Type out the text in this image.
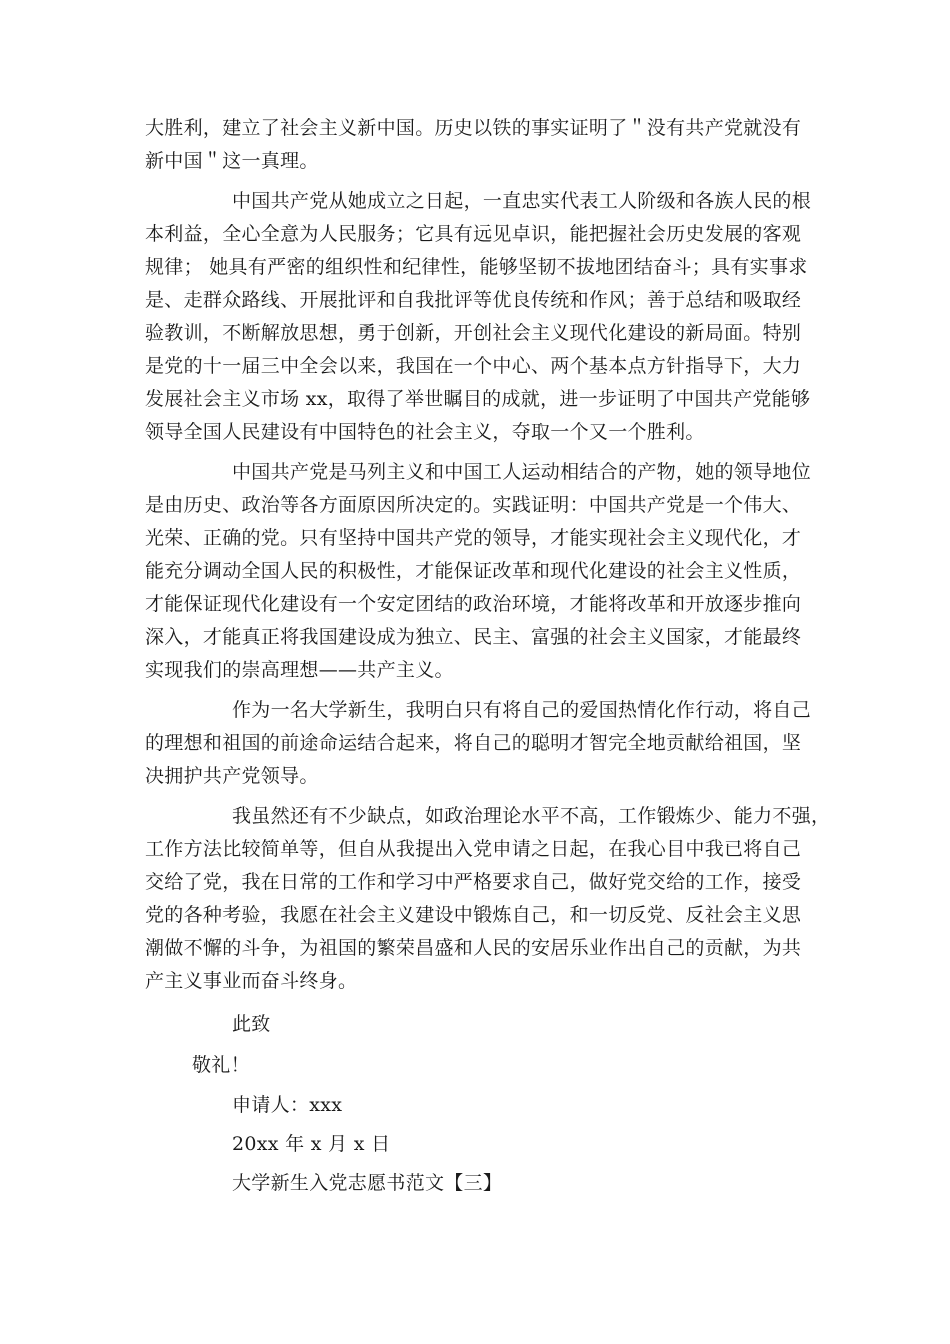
大胜利，建立了社会主义新中国。历史以铁的事实证明了＂没有共产党就没有
新中国＂这一真理。
中国共产党从她成立之日起，一直忠实代表工人阶级和各族人民的根
本利益，全心全意为人民服务；它具有远见卓识，能把握社会历史发展的客观
规律； 她具有严密的组织性和纪律性，能够坚韧不拔地团结奋斗；具有实事求
是、走群众路线、开展批评和自我批评等优良传统和作风；善于总结和吸取经
验教训，不断解放思想，勇于创新，开创社会主义现代化建设的新局面。特别
是党的十一届三中全会以来，我国在一个中心、两个基本点方针指导下，大力
发展社会主义市场 xx，取得了举世瞩目的成就，进一步证明了中国共产党能够
领导全国人民建设有中国特色的社会主义，夺取一个又一个胜利。
中国共产党是马列主义和中国工人运动相结合的产物，她的领导地位
是由历史、政治等各方面原因所决定的。实践证明：中国共产党是一个伟大、
光荣、正确的党。只有坚持中国共产党的领导，才能实现社会主义现代化，才
能充分调动全国人民的积极性，才能保证改革和现代化建设的社会主义性质，
才能保证现代化建设有一个安定团结的政治环境，才能将改革和开放逐步推向
深入，才能真正将我国建设成为独立、民主、富强的社会主义国家，才能最终
实现我们的崇高理想——共产主义。
作为一名大学新生，我明白只有将自己的爱国热情化作行动，将自己
的理想和祖国的前途命运结合起来，将自己的聪明才智完全地贡献给祖国，坚
决拥护共产党领导。
我虽然还有不少缺点，如政治理论水平不高，工作锻炼少、能力不强，
工作方法比较简单等，但自从我提出入党申请之日起，在我心目中我已将自己
交给了党，我在日常的工作和学习中严格要求自己，做好党交给的工作，接受
党的各种考验，我愿在社会主义建设中锻炼自己，和一切反党、反社会主义思
潮做不懈的斗争，为祖国的繁荣昌盛和人民的安居乐业作出自己的贡献，为共
产主义事业而奋斗终身。
此致
敬礼！
申请人：xxx
20xx 年 x 月 x 日
大学新生入党志愿书范文【三】
